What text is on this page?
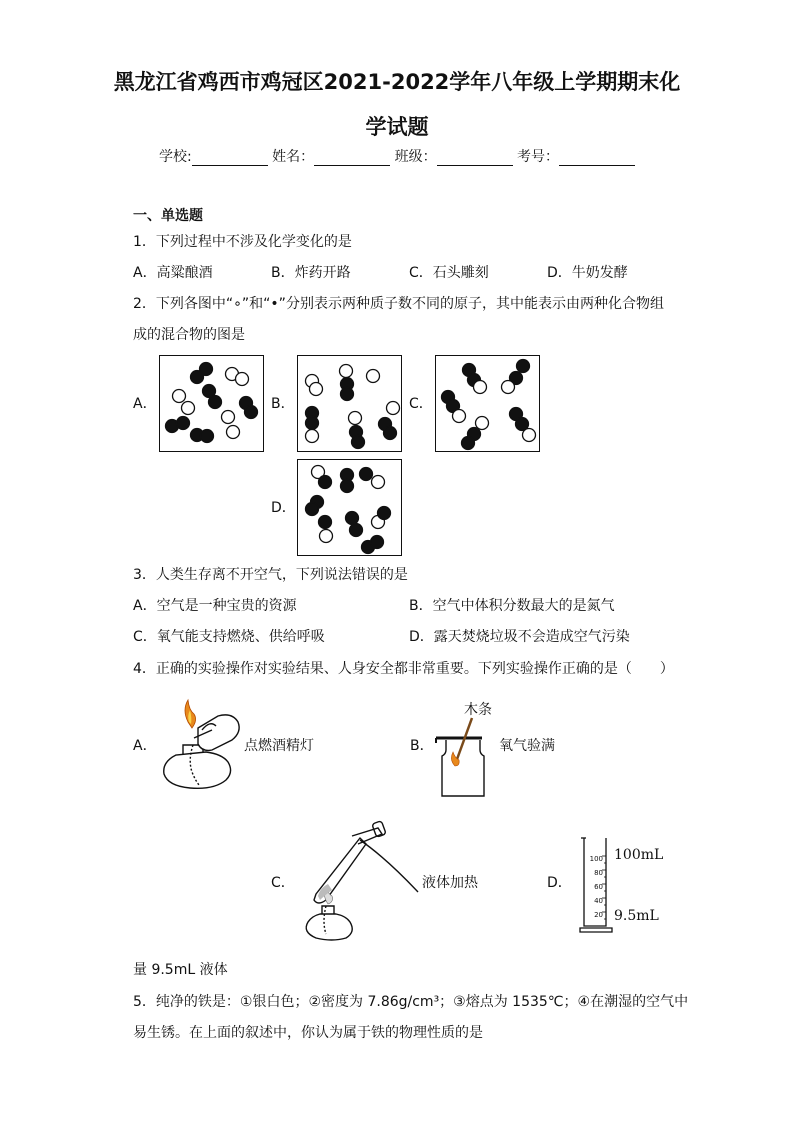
黑龙江省鸡西市鸡冠区2021-2022学年八年级上学期期末化
学试题
学校:	姓名：	班级：	考号：
一、单选题
1．下列过程中不涉及化学变化的是
A．高粱酿酒	B．炸药开路	C．石头雕刻	D．牛奶发酵
2．下列各图中“∘”和“•”分别表示两种质子数不同的原子，其中能表示由两种化合物组
成的混合物的图是
A．	B．	C．
D．
3．人类生存离不开空气，下列说法错误的是
A．空气是一种宝贵的资源	B．空气中体积分数最大的是氮气
C．氧气能支持燃烧、供给呼吸	D．露天焚烧垃圾不会造成空气污染
4．正确的实验操作对实验结果、人身安全都非常重要。下列实验操作正确的是（　　）
A．	点燃酒精灯	B．
木条
氧气验满
C．	液体加热	D．
100
80
60
40
20
100mL
9.5mL
量 9.5mL 液体
5．纯净的铁是：①银白色；②密度为 7.86g/cm³；③熔点为 1535℃；④在潮湿的空气中
易生锈。在上面的叙述中，你认为属于铁的物理性质的是
